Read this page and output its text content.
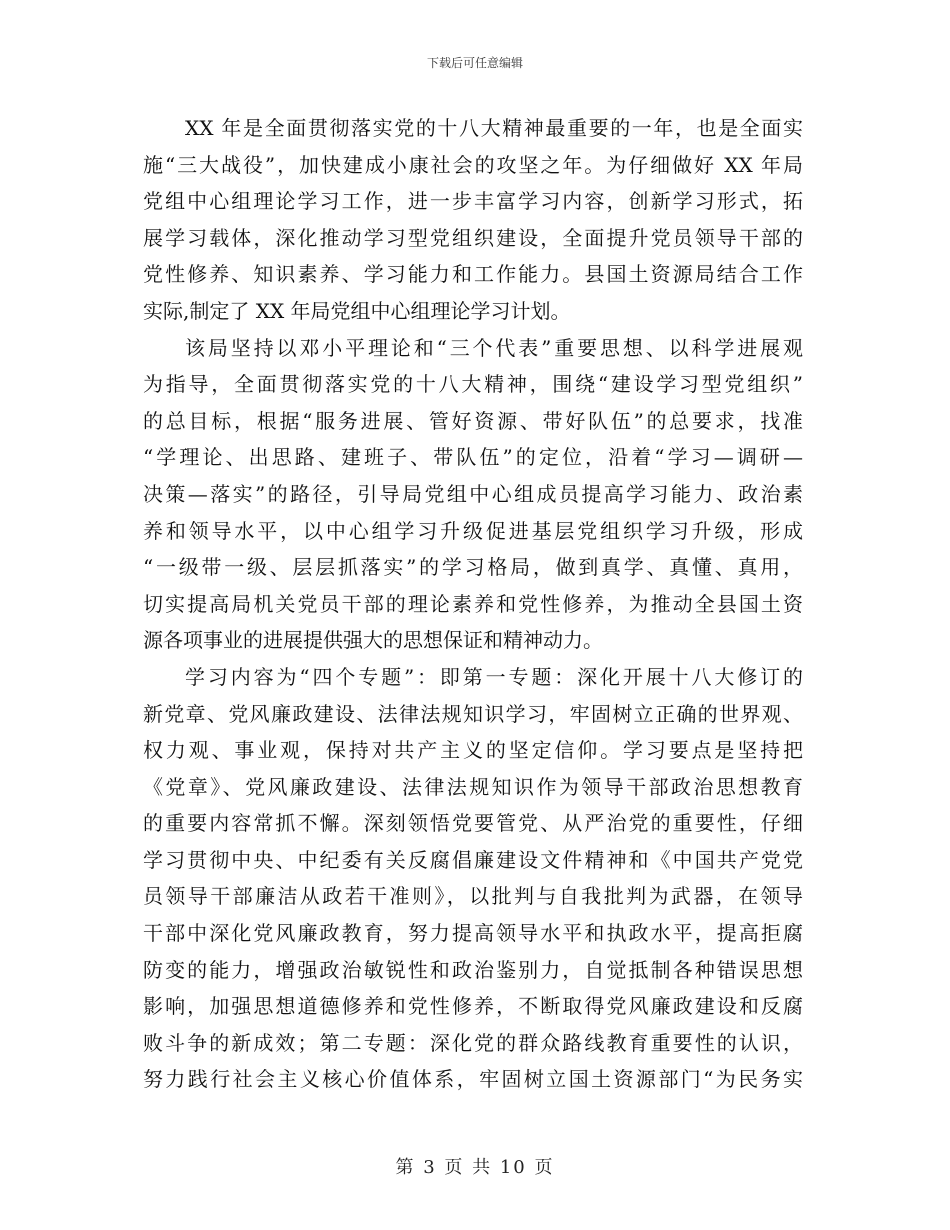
下载后可任意编辑
XX 年是全面贯彻落实党的十八大精神最重要的一年，也是全面实
施“三大战役”，加快建成小康社会的攻坚之年。为仔细做好 XX 年局
党组中心组理论学习工作，进一步丰富学习内容，创新学习形式，拓
展学习载体，深化推动学习型党组织建设，全面提升党员领导干部的
党性修养、知识素养、学习能力和工作能力。县国土资源局结合工作
实际,制定了 XX 年局党组中心组理论学习计划。
该局坚持以邓小平理论和“三个代表”重要思想、以科学进展观
为指导，全面贯彻落实党的十八大精神，围绕“建设学习型党组织”
的总目标，根据“服务进展、管好资源、带好队伍”的总要求，找准
“学理论、出思路、建班子、带队伍”的定位，沿着“学习—调研—
决策—落实”的路径，引导局党组中心组成员提高学习能力、政治素
养和领导水平，以中心组学习升级促进基层党组织学习升级，形成
“一级带一级、层层抓落实”的学习格局，做到真学、真懂、真用，
切实提高局机关党员干部的理论素养和党性修养，为推动全县国土资
源各项事业的进展提供强大的思想保证和精神动力。
学习内容为“四个专题”：即第一专题：深化开展十八大修订的
新党章、党风廉政建设、法律法规知识学习，牢固树立正确的世界观、
权力观、事业观，保持对共产主义的坚定信仰。学习要点是坚持把
《党章》、党风廉政建设、法律法规知识作为领导干部政治思想教育
的重要内容常抓不懈。深刻领悟党要管党、从严治党的重要性，仔细
学习贯彻中央、中纪委有关反腐倡廉建设文件精神和《中国共产党党
员领导干部廉洁从政若干准则》，以批判与自我批判为武器，在领导
干部中深化党风廉政教育，努力提高领导水平和执政水平，提高拒腐
防变的能力，增强政治敏锐性和政治鉴别力，自觉抵制各种错误思想
影响，加强思想道德修养和党性修养，不断取得党风廉政建设和反腐
败斗争的新成效；第二专题：深化党的群众路线教育重要性的认识，
努力践行社会主义核心价值体系，牢固树立国土资源部门“为民务实
第 3 页 共 10 页
